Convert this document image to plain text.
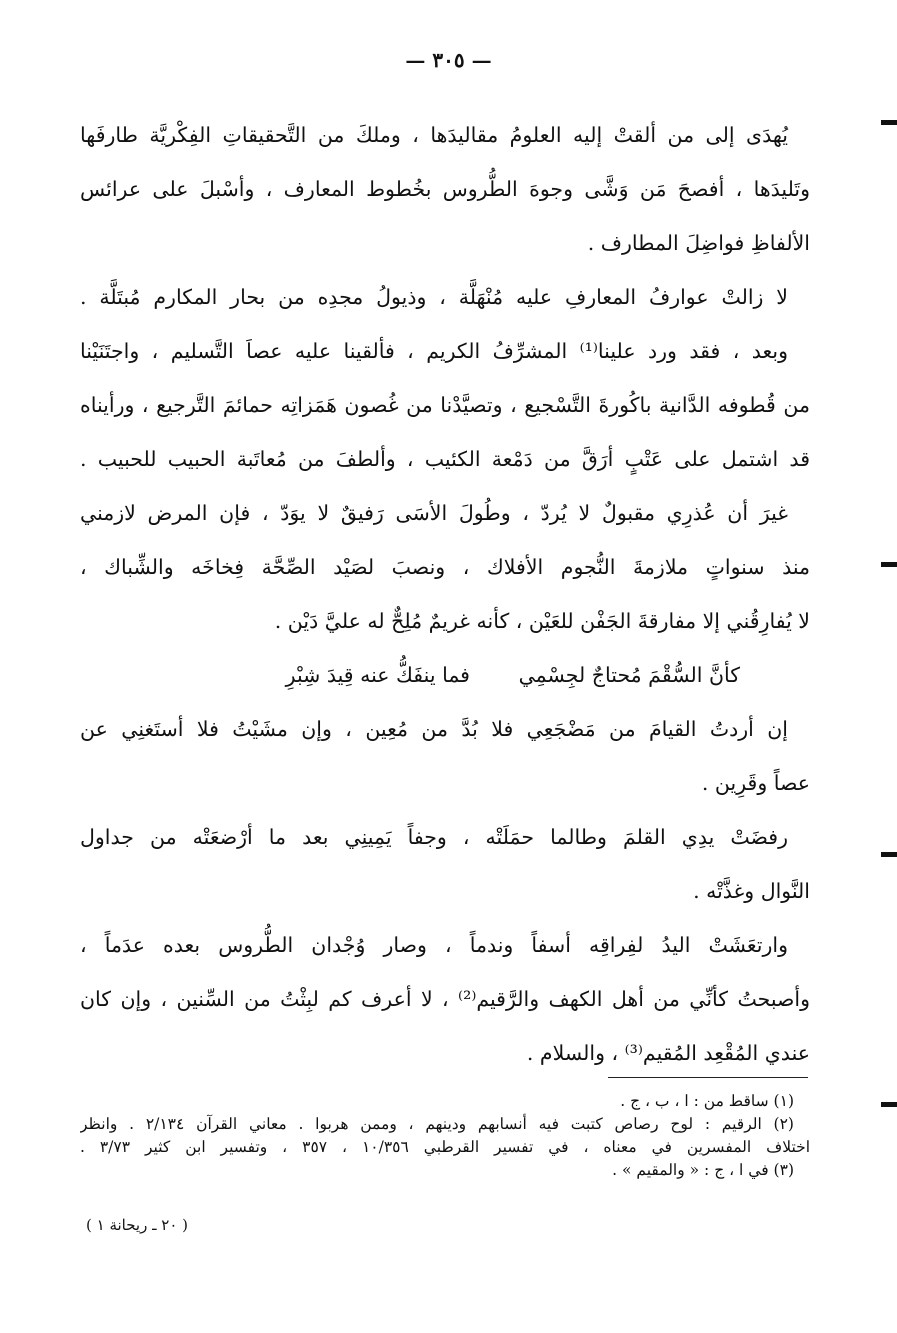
— ٣٠٥ —
يُهدَى إلى من ألقتْ إليه العلومُ مقاليدَها ، وملكَ من التَّحقيقاتِ الفِكْريَّة طارفَها
وتَليدَها ، أفصحَ مَن وَشَّى وجوهَ الطُّروس بخُطوط المعارف ، وأسْبلَ على عرائس
الألفاظِ فواضِلَ المطارف .
لا زالتْ عوارفُ المعارفِ عليه مُنْهَلَّة ، وذيولُ مجدِه من بحار المكارم مُبتَلَّة .
وبعد ، فقد ورد علينا⁽¹⁾ المشرِّفُ الكريم ، فألقينا عليه عصاَ التَّسليم ، واجتَنَيْنا
من قُطوفه الدَّانية باكُورةَ التَّسْجيع ، وتصيَّدْنا من غُصون هَمَزاتِه حمائمَ التَّرجيع ، ورأيناه
قد اشتمل على عَتْبٍ أرَقَّ من دَمْعة الكئيب ، وألطفَ من مُعاتَبة الحبيب للحبيب .
غيرَ أن عُذرِي مقبولٌ لا يُردّ ، وطُولَ الأسَى رَفيقٌ لا يوَدّ ، فإن المرض لازمني
منذ سنواتٍ ملازمةَ النُّجوم الأفلاك ، ونصبَ لصَيْد الصِّحَّة فِخاخَه والشِّباك ،
لا يُفارِقُني إلا مفارقةَ الجَفْن للعَيْن ، كأنه غريمٌ مُلِحٌّ له عليَّ دَيْن .
كأنَّ السُّقْمَ مُحتاجٌ لجِسْمِيفما ينفَكُّ عنه قِيدَ شِبْرِ
إن أردتُ القيامَ من مَضْجَعِي فلا بُدَّ من مُعِين ، وإن مشَيْتُ فلا أستَغنِي عن
عصاً وقَرِين .
رفضَتْ يدِي القلمَ وطالما حمَلَتْه ، وجفاً يَمِينِي بعد ما أرْضعَتْه من جداول
النَّوال وغذَّتْه .
وارتعَشَتْ اليدُ لفِراقِه أسفاً وندماً ، وصار وُجْدان الطُّروس بعده عدَماً ،
وأصبحتُ كأنِّي من أهل الكهف والرَّقيم⁽²⁾ ، لا أعرف كم لبِثْتُ من السِّنين ، وإن كان
عندي المُقْعِد المُقيم⁽³⁾ ، والسلام .
(١) ساقط من : ا ، ب ، ج .
(٢) الرقيم : لوح رصاص كتبت فيه أنسابهم ودينهم ، وممن هربوا . معاني القرآن ٢/١٣٤ . وانظر
اختلاف المفسرين في معناه ، في تفسير القرطبي ١٠/٣٥٦ ، ٣٥٧ ، وتفسير ابن كثير ٣/٧٣ .
(٣) في ا ، ج : « والمقيم » .
( ٢٠ ـ ريحانة ١ )
